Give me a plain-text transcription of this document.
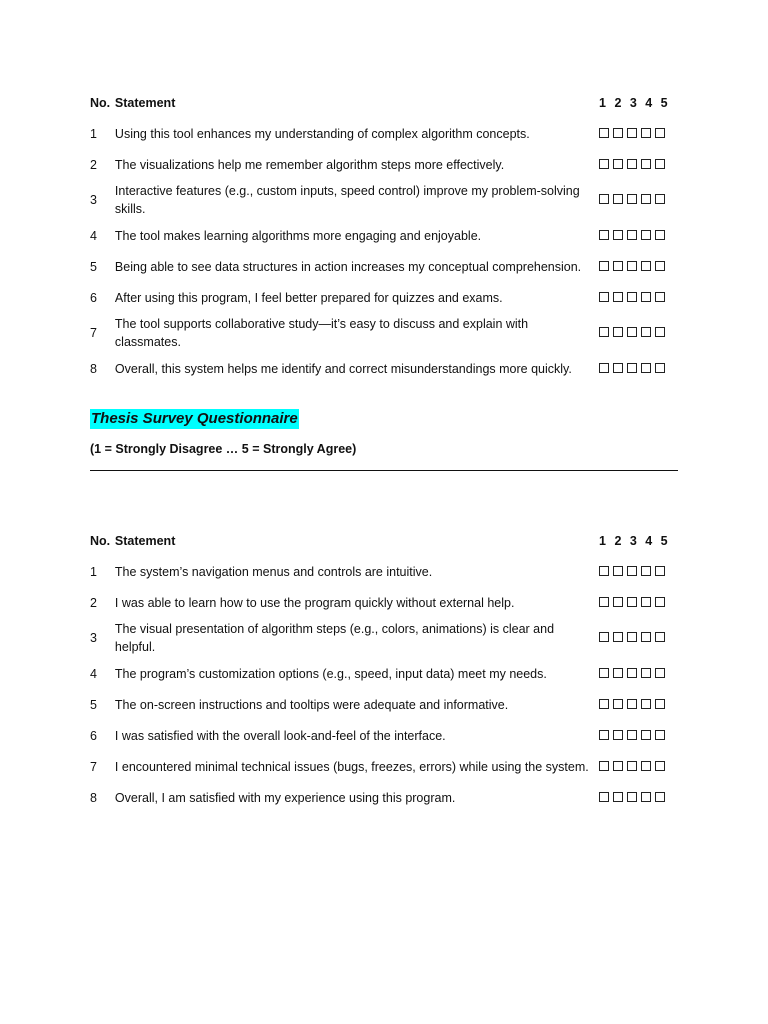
No.	Statement	1 2 3 4 5
1	Using this tool enhances my understanding of complex algorithm concepts.	

2	The visualizations help me remember algorithm steps more effectively.	

3	Interactive features (e.g., custom inputs, speed control) improve my problem-solving skills.	

4	The tool makes learning algorithms more engaging and enjoyable.	

5	Being able to see data structures in action increases my conceptual comprehension.	

6	After using this program, I feel better prepared for quizzes and exams.	

7	The tool supports collaborative study—it’s easy to discuss and explain with classmates.	

8	Overall, this system helps me identify and correct misunderstandings more quickly.	
Thesis Survey Questionnaire
(1 = Strongly Disagree … 5 = Strongly Agree)
No.	Statement	1 2 3 4 5
1	The system’s navigation menus and controls are intuitive.	

2	I was able to learn how to use the program quickly without external help.	

3	The visual presentation of algorithm steps (e.g., colors, animations) is clear and helpful.	

4	The program’s customization options (e.g., speed, input data) meet my needs.	

5	The on-screen instructions and tooltips were adequate and informative.	

6	I was satisfied with the overall look-and-feel of the interface.	

7	I encountered minimal technical issues (bugs, freezes, errors) while using the system.	

8	Overall, I am satisfied with my experience using this program.	
